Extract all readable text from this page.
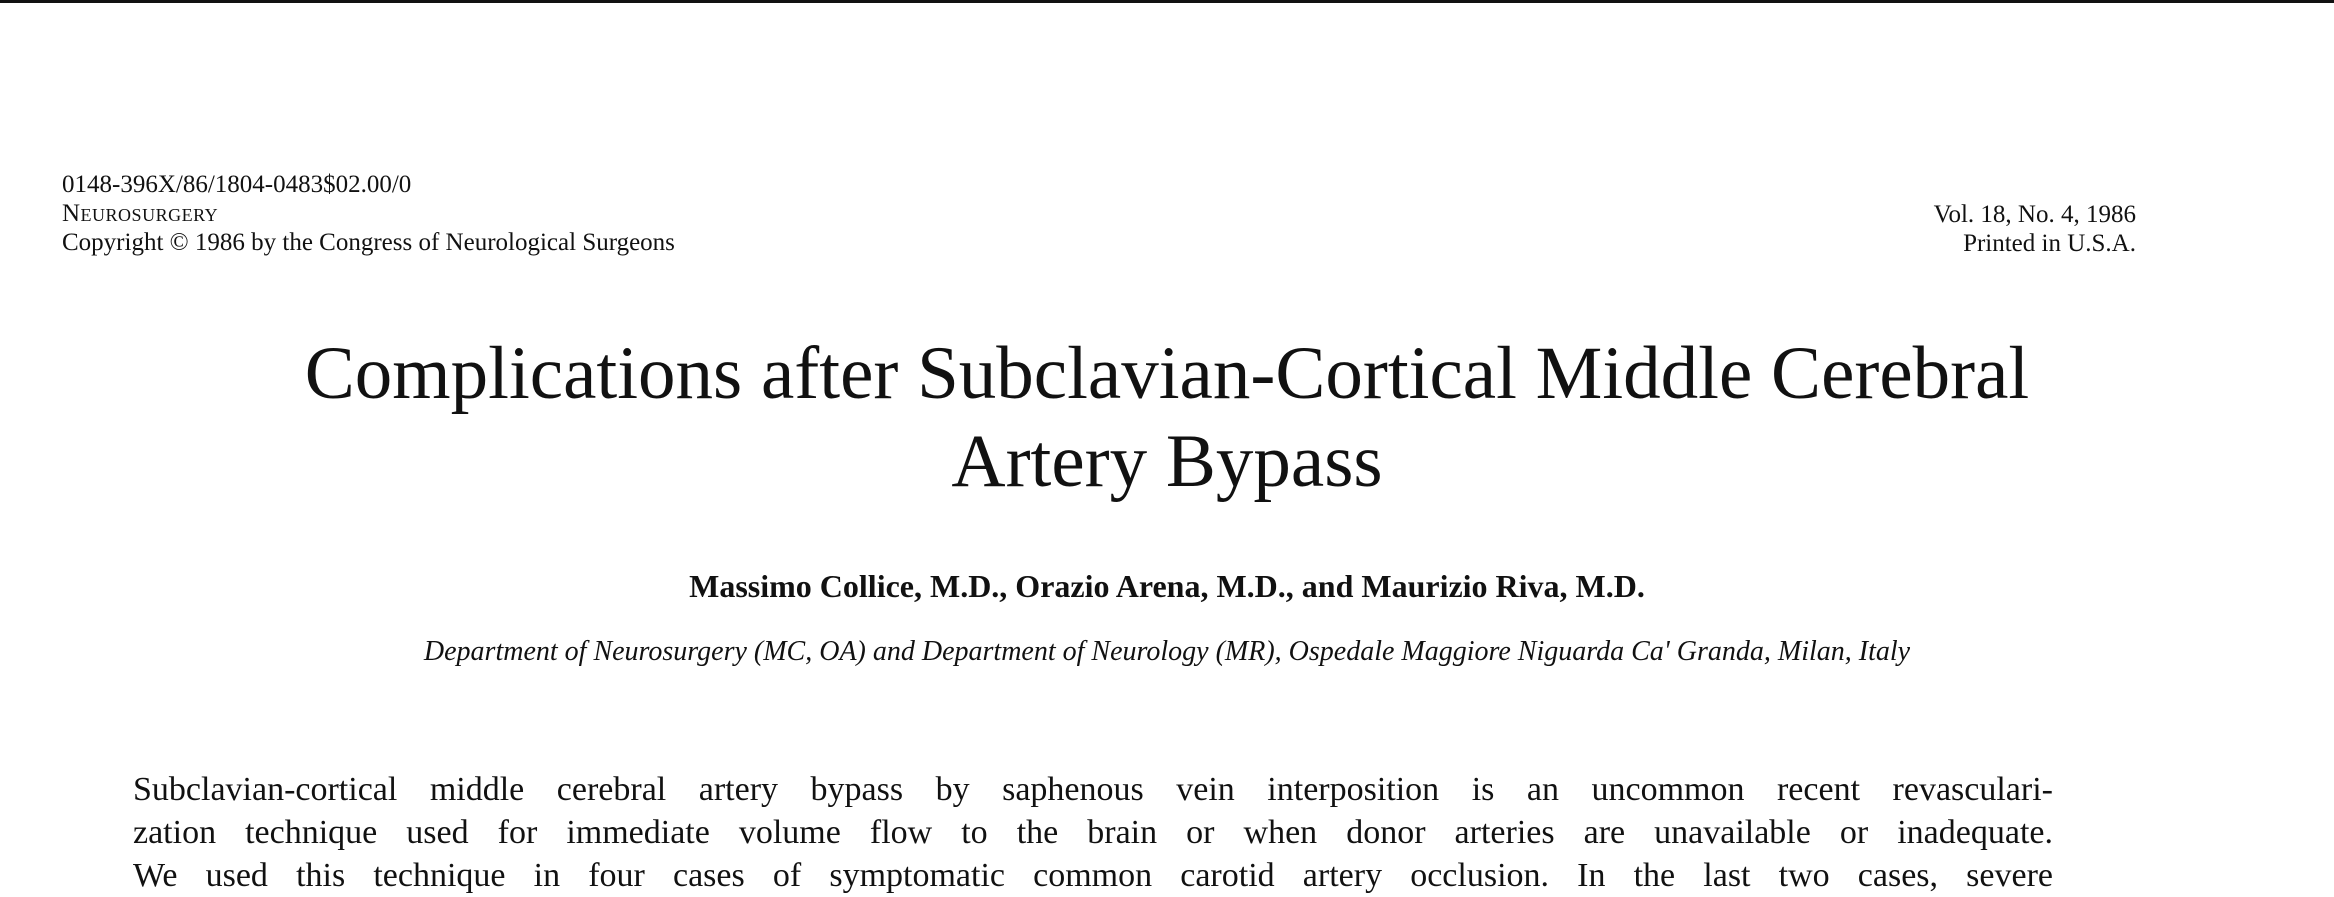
0148-396X/86/1804-0483$02.00/0
Neurosurgery
Copyright © 1986 by the Congress of Neurological Surgeons
Vol. 18, No. 4, 1986
Printed in U.S.A.
Complications after Subclavian-Cortical Middle Cerebral
Artery Bypass
Massimo Collice, M.D., Orazio Arena, M.D., and Maurizio Riva, M.D.
Department of Neurosurgery (MC, OA) and Department of Neurology (MR), Ospedale Maggiore Niguarda Ca' Granda, Milan, Italy
Subclavian-cortical middle cerebral artery bypass by saphenous vein interposition is an uncommon recent revasculari-
zation technique used for immediate volume flow to the brain or when donor arteries are unavailable or inadequate.
We used this technique in four cases of symptomatic common carotid artery occlusion. In the last two cases, severe
